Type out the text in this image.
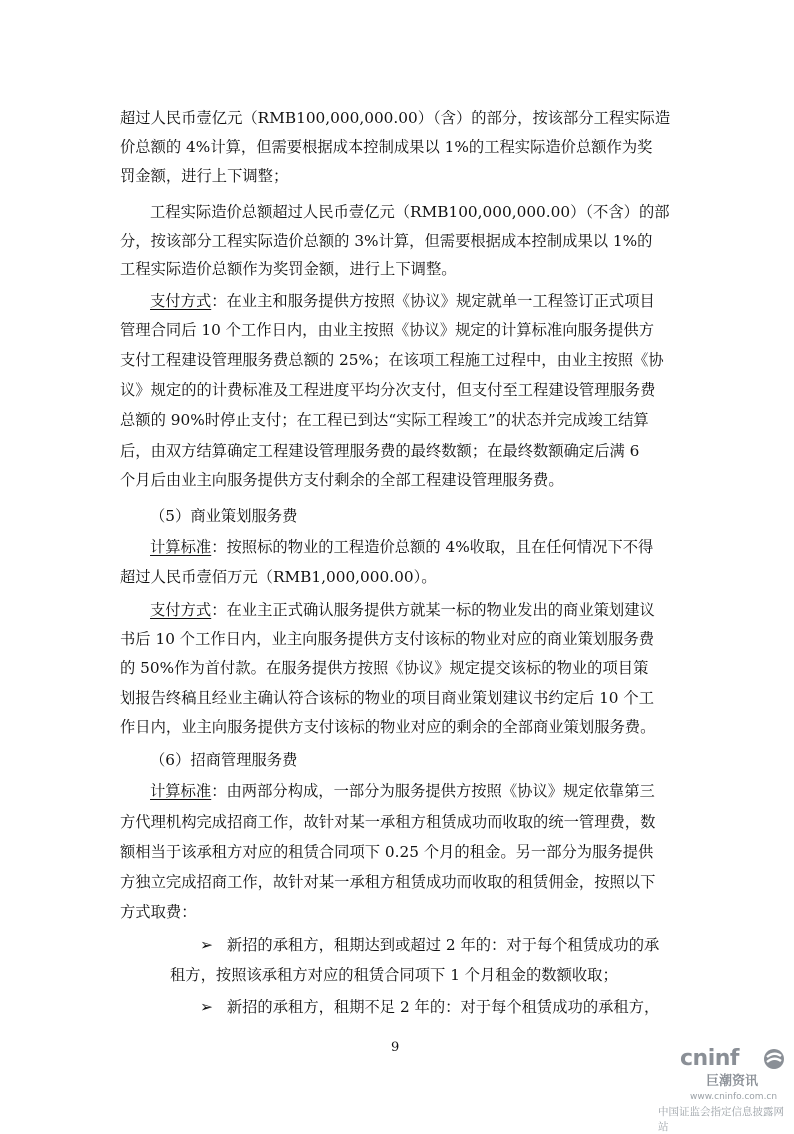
超过人民币壹亿元（RMB100,000,000.00）（含）的部分，按该部分工程实际造
价总额的 4%计算，但需要根据成本控制成果以 1%的工程实际造价总额作为奖
罚金额，进行上下调整；
工程实际造价总额超过人民币壹亿元（RMB100,000,000.00）（不含）的部
分，按该部分工程实际造价总额的 3%计算，但需要根据成本控制成果以 1%的
工程实际造价总额作为奖罚金额，进行上下调整。
支付方式：在业主和服务提供方按照《协议》规定就单一工程签订正式项目
管理合同后 10 个工作日内，由业主按照《协议》规定的计算标准向服务提供方
支付工程建设管理服务费总额的 25%；在该项工程施工过程中，由业主按照《协
议》规定的的计费标准及工程进度平均分次支付，但支付至工程建设管理服务费
总额的 90%时停止支付；在工程已到达“实际工程竣工”的状态并完成竣工结算
后，由双方结算确定工程建设管理服务费的最终数额；在最终数额确定后满 6
个月后由业主向服务提供方支付剩余的全部工程建设管理服务费。
（5）商业策划服务费
计算标准：按照标的物业的工程造价总额的 4%收取，且在任何情况下不得
超过人民币壹佰万元（RMB1,000,000.00）。
支付方式：在业主正式确认服务提供方就某一标的物业发出的商业策划建议
书后 10 个工作日内，业主向服务提供方支付该标的物业对应的商业策划服务费
的 50%作为首付款。在服务提供方按照《协议》规定提交该标的物业的项目策
划报告终稿且经业主确认符合该标的物业的项目商业策划建议书约定后 10 个工
作日内，业主向服务提供方支付该标的物业对应的剩余的全部商业策划服务费。
（6）招商管理服务费
计算标准：由两部分构成，一部分为服务提供方按照《协议》规定依靠第三
方代理机构完成招商工作，故针对某一承租方租赁成功而收取的统一管理费，数
额相当于该承租方对应的租赁合同项下 0.25 个月的租金。另一部分为服务提供
方独立完成招商工作，故针对某一承租方租赁成功而收取的租赁佣金，按照以下
方式取费：
➢ 新招的承租方，租期达到或超过 2 年的：对于每个租赁成功的承
租方，按照该承租方对应的租赁合同项下 1 个月租金的数额收取；
➢ 新招的承租方，租期不足 2 年的：对于每个租赁成功的承租方，
9	cninf
巨潮资讯
www.cninfo.com.cn
中国证监会指定信息披露网站
